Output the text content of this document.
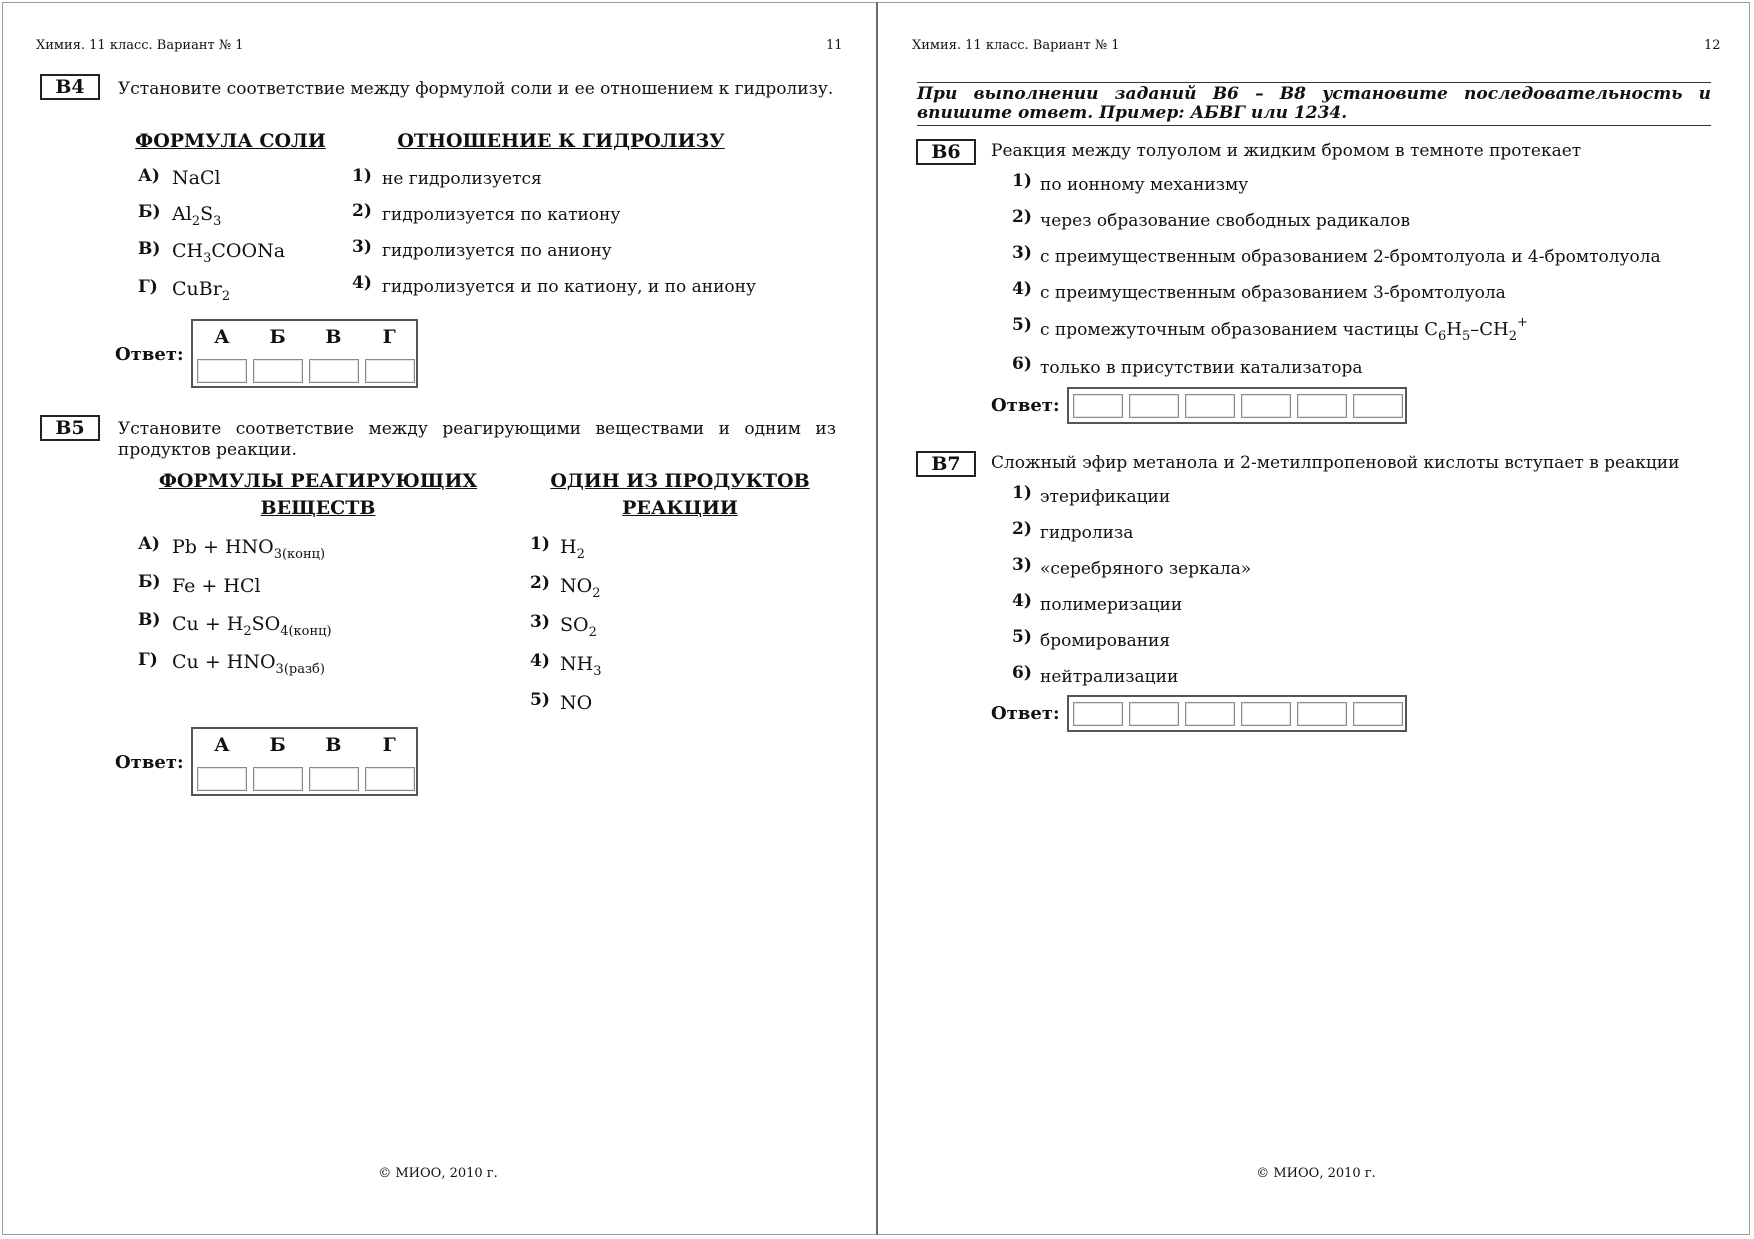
Химия. 11 класс. Вариант № 1	11
B4	Установите соответствие между формулой соли и ее отношением к гидролизу.
ФОРМУЛА СОЛИ	ОТНОШЕНИЕ К ГИДРОЛИЗУ
А) NaCl
Б) $Al_2S_3$
В) $CH_3COONa$
Г) CuBr$_2$
1) не гидролизуется
2) гидролизуется по катиону
3) гидролизуется по аниону
4) гидролизуется и по катиону, и по аниону
Ответ:
А	Б	В	Г
B5	Установите соответствие между реагирующими веществами и одним из продуктов реакции.
ФОРМУЛЫ РЕАГИРУЮЩИХ
ВЕЩЕСТВ
ОДИН ИЗ ПРОДУКТОВ
РЕАКЦИИ
А) $Pb + HNO_{3(конц)}$
Б) Fe + HCl
В) $Cu + H_2SO_{4(конц)}$
Г) $Cu + HNO_{3(разб)}$
1) $H_2$
2) $NO_2$
3) $SO_2$
4) $NH_3$
5) NO
Ответ:
А	Б	В	Г
© МИОО, 2010 г.
Химия. 11 класс. Вариант № 1	12
При выполнении заданий В6 – В8 установите последовательность и впишите ответ. Пример: АБВГ или 1234.
B6	Реакция между толуолом и жидким бромом в темноте протекает
1) по ионному механизму
2) через образование свободных радикалов
3) с преимущественным образованием 2-бромтолуола и 4-бромтолуола
4) с преимущественным образованием 3-бромтолуола
5) с промежуточным образованием частицы $C_6H_5-CH_2^+$
6) только в присутствии катализатора
Ответ:
B7	Сложный эфир метанола и 2-метилпропеновой кислоты вступает в реакции
1) этерификации
2) гидролиза
3) «серебряного зеркала»
4) полимеризации
5) бромирования
6) нейтрализации
Ответ:
© МИОО, 2010 г.
